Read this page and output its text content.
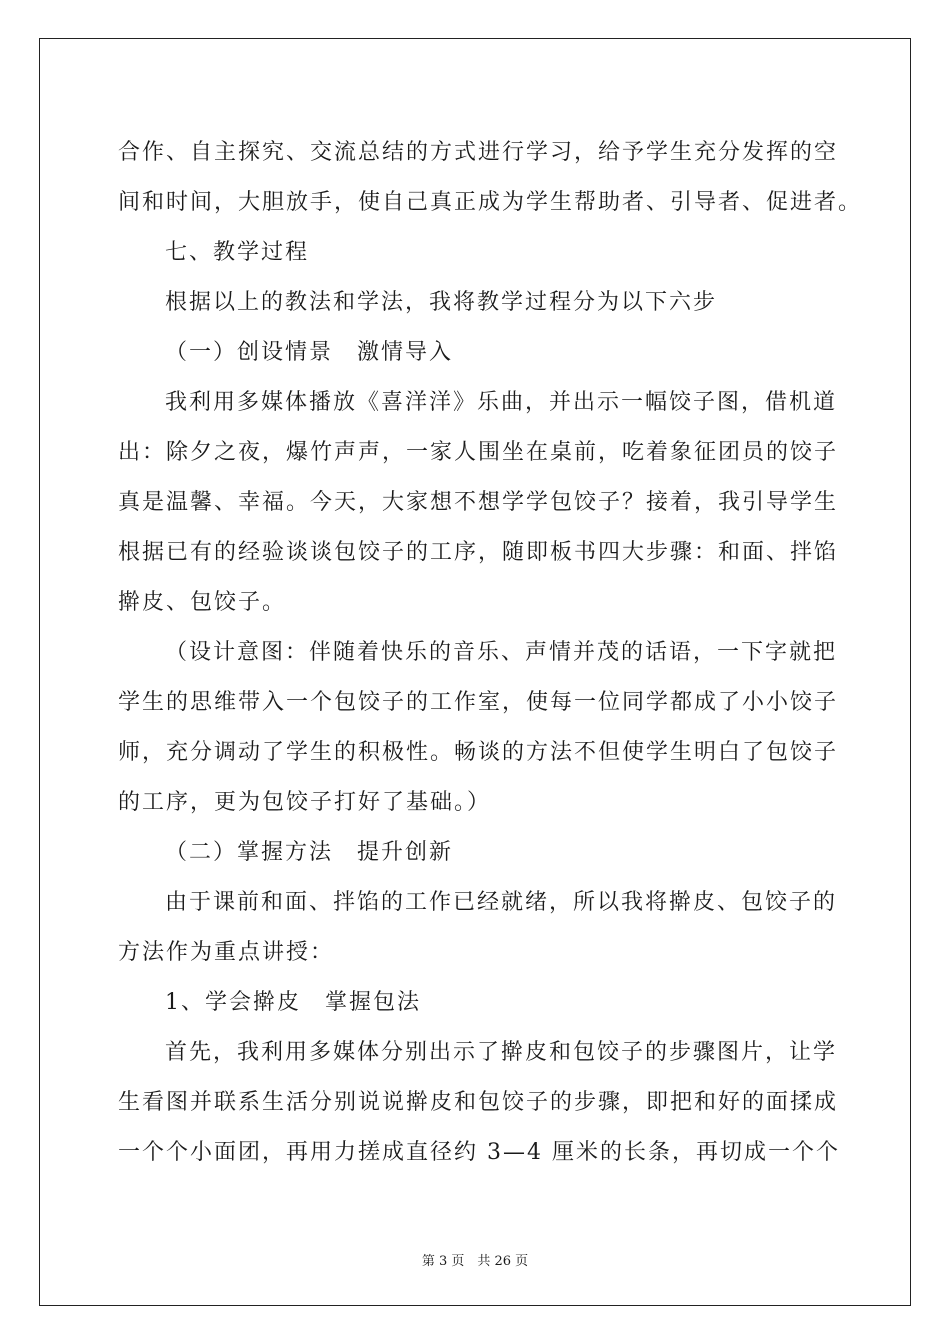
合作、自主探究、交流总结的方式进行学习，给予学生充分发挥的空
间和时间，大胆放手，使自己真正成为学生帮助者、引导者、促进者。
七、教学过程
根据以上的教法和学法，我将教学过程分为以下六步
（一）创设情景　激情导入
我利用多媒体播放《喜洋洋》乐曲，并出示一幅饺子图，借机道
出：除夕之夜，爆竹声声，一家人围坐在桌前，吃着象征团员的饺子
真是温馨、幸福。今天，大家想不想学学包饺子？接着，我引导学生
根据已有的经验谈谈包饺子的工序，随即板书四大步骤：和面、拌馅
擀皮、包饺子。
（设计意图：伴随着快乐的音乐、声情并茂的话语，一下字就把
学生的思维带入一个包饺子的工作室，使每一位同学都成了小小饺子
师，充分调动了学生的积极性。畅谈的方法不但使学生明白了包饺子
的工序，更为包饺子打好了基础。）
（二）掌握方法　提升创新
由于课前和面、拌馅的工作已经就绪，所以我将擀皮、包饺子的
方法作为重点讲授：
1、学会擀皮　掌握包法
首先，我利用多媒体分别出示了擀皮和包饺子的步骤图片，让学
生看图并联系生活分别说说擀皮和包饺子的步骤，即把和好的面揉成
一个个小面团，再用力搓成直径约 3—4 厘米的长条，再切成一个个
第 3 页　共 26 页
